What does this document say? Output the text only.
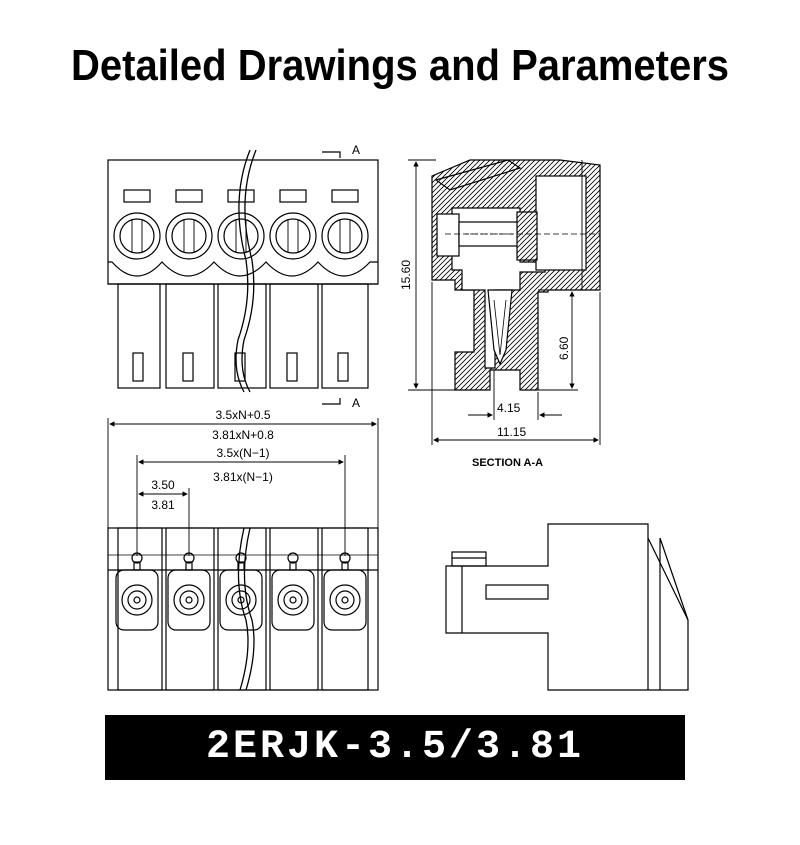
Detailed Drawings and Parameters
A
A
15.60
6.60
4.15
11.15
SECTION A-A
3.5xN+0.5
3.81xN+0.8
3.5x(N−1)
3.81x(N−1)
3.50
3.81
2ERJK-3.5/3.81 DRAWING
